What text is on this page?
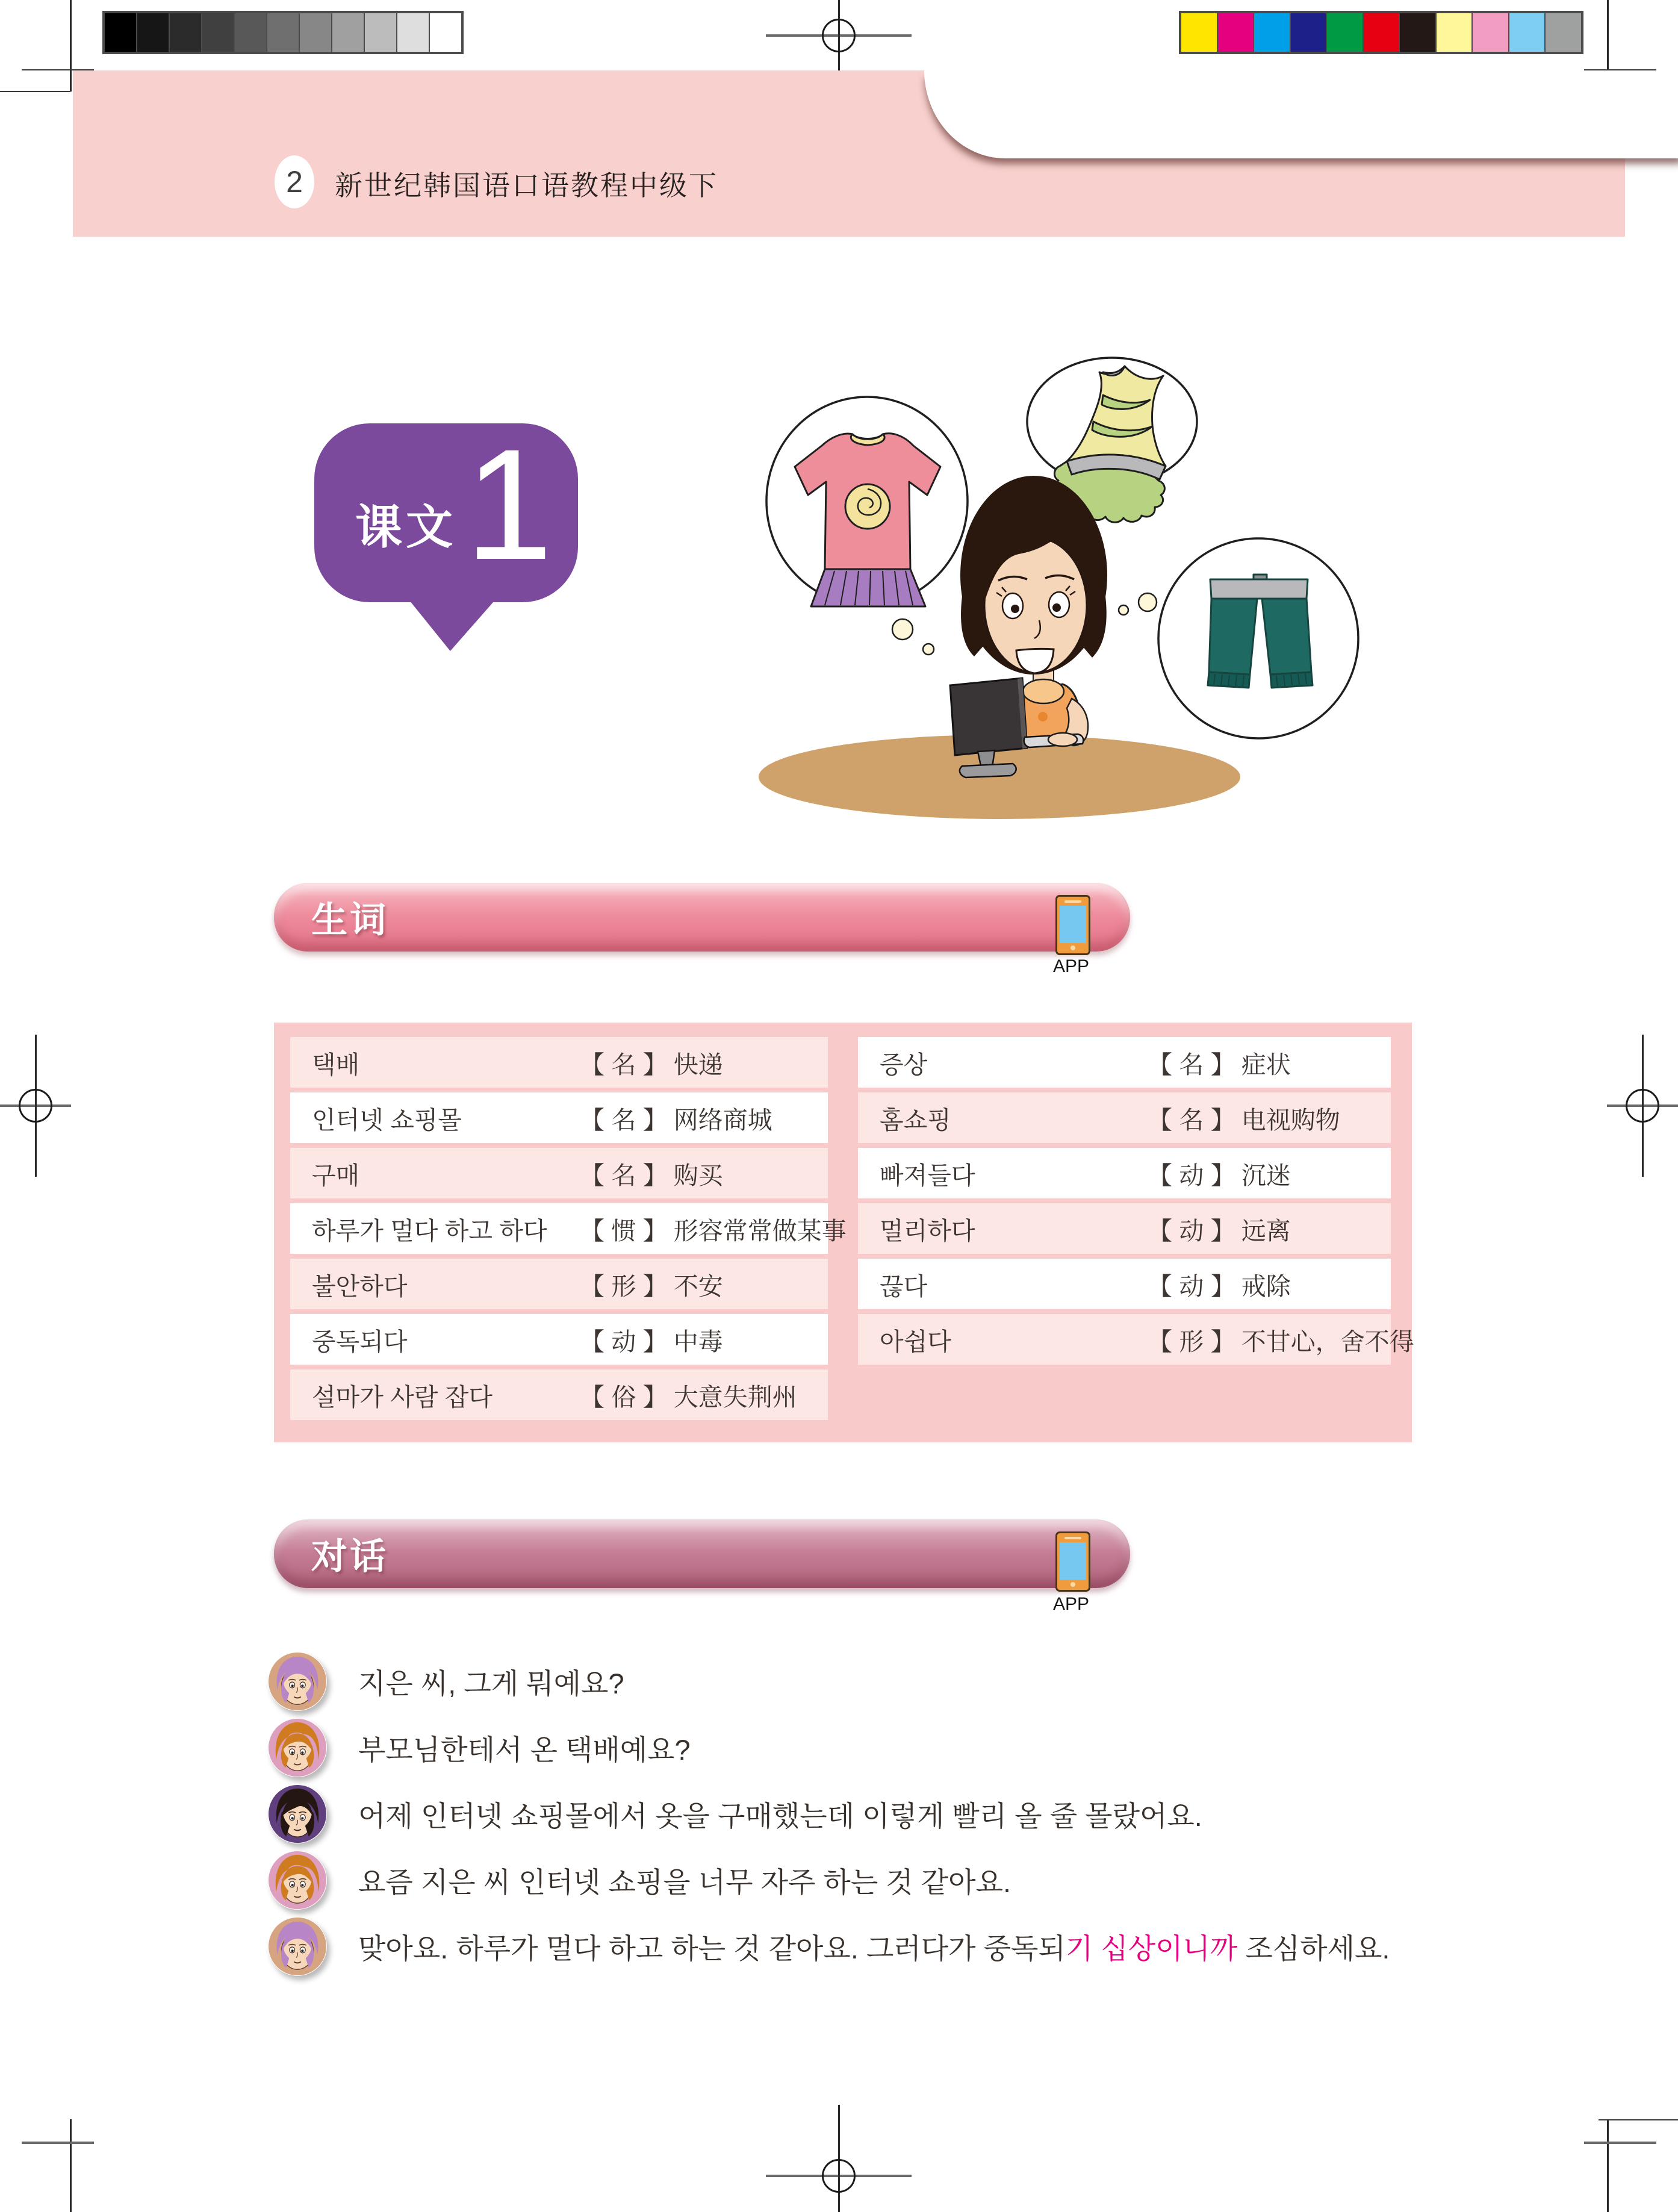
2	新世纪韩国语口语教程中级下
课文 1
生词
APP
택배	【 名 】 快递
인터넷 쇼핑몰	【 名 】 网络商城
구매	【 名 】 购买
하루가 멀다 하고 하다	【 惯 】 形容常常做某事
불안하다	【 形 】 不安
중독되다	【 动 】 中毒
설마가 사람 잡다	【 俗 】 大意失荆州
증상	【 名 】 症状
홈쇼핑	【 名 】 电视购物
빠져들다	【 动 】 沉迷
멀리하다	【 动 】 远离
끊다	【 动 】 戒除
아쉽다	【 形 】 不甘心，舍不得
对话
APP
지은 씨, 그게 뭐예요?
부모님한테서 온 택배예요?
어제 인터넷 쇼핑몰에서 옷을 구매했는데 이렇게 빨리 올 줄 몰랐어요.
요즘 지은 씨 인터넷 쇼핑을 너무 자주 하는 것 같아요.
맞아요. 하루가 멀다 하고 하는 것 같아요. 그러다가 중독되기 십상이니까 조심하세요.
